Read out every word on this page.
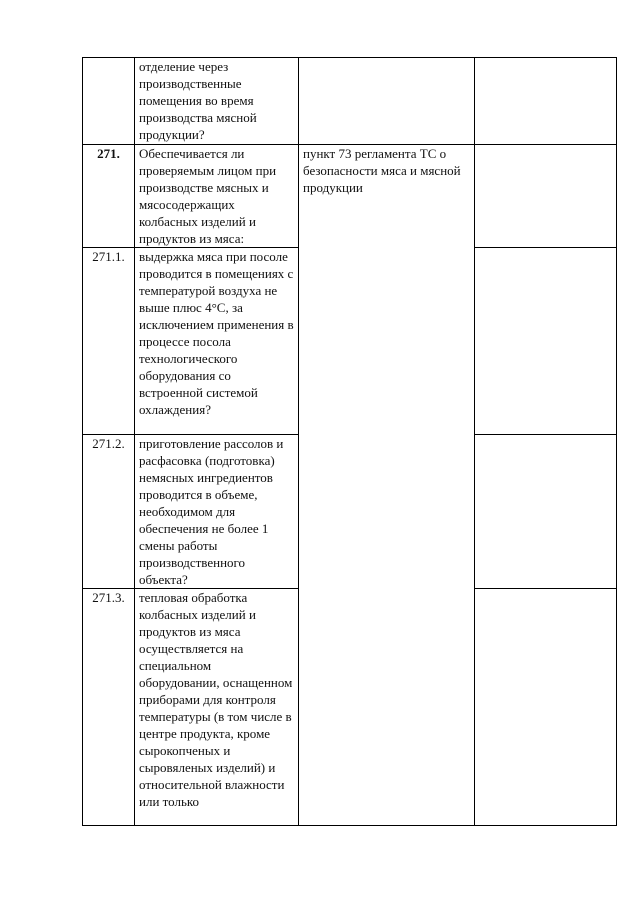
	отделение через производственные помещения во время производства мясной продукции?		
271.	Обеспечивается ли проверяемым лицом при производстве мясных и мясосодержащих колбасных изделий и продуктов из мяса:	пункт 73 регламента ТС о безопасности мяса и мясной продукции	
271.1.	выдержка мяса при посоле проводится в помещениях с температурой воздуха не выше плюс 4°С, за исключением применения в процессе посола технологического оборудования со встроенной системой охлаждения?		
271.2.	приготовление рассолов и расфасовка (подготовка) немясных ингредиентов проводится в объеме, необходимом для обеспечения не более 1 смены работы производственного объекта?		
271.3.	тепловая обработка колбасных изделий и продуктов из мяса осуществляется на специальном оборудовании, оснащенном приборами для контроля температуры (в том числе в центре продукта, кроме сырокопченых и сыровяленых изделий) и относительной влажности или только		
